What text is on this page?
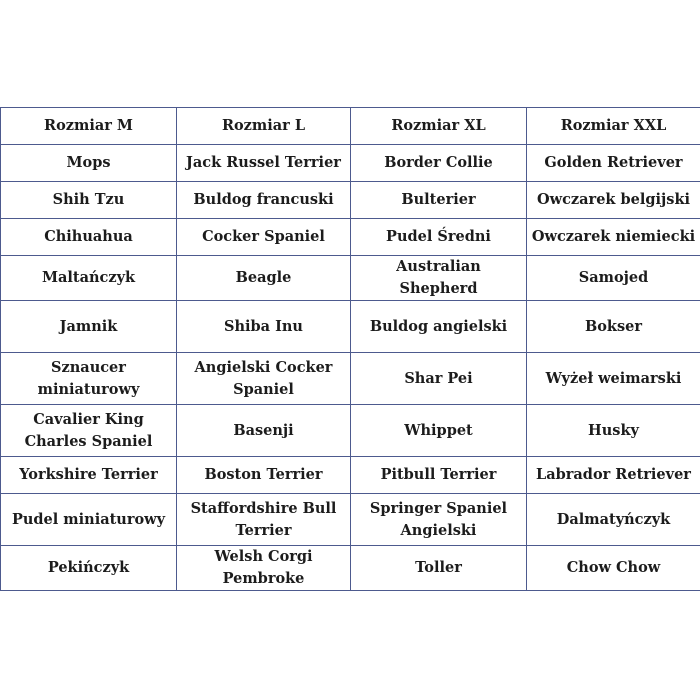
Rozmiar M	Rozmiar L	Rozmiar XL	Rozmiar XXL
Mops	Jack Russel Terrier	Border Collie	Golden Retriever
Shih Tzu	Buldog francuski	Bulterier	Owczarek belgijski
Chihuahua	Cocker Spaniel	Pudel Średni	Owczarek niemiecki
Maltańczyk	Beagle	Australian Shepherd	Samojed
Jamnik	Shiba Inu	Buldog angielski	Bokser
Sznaucer miniaturowy	Angielski Cocker Spaniel	Shar Pei	Wyżeł weimarski
Cavalier King Charles Spaniel	Basenji	Whippet	Husky
Yorkshire Terrier	Boston Terrier	Pitbull Terrier	Labrador Retriever
Pudel miniaturowy	Staffordshire Bull Terrier	Springer Spaniel Angielski	Dalmatyńczyk
Pekińczyk	Welsh Corgi Pembroke	Toller	Chow Chow
